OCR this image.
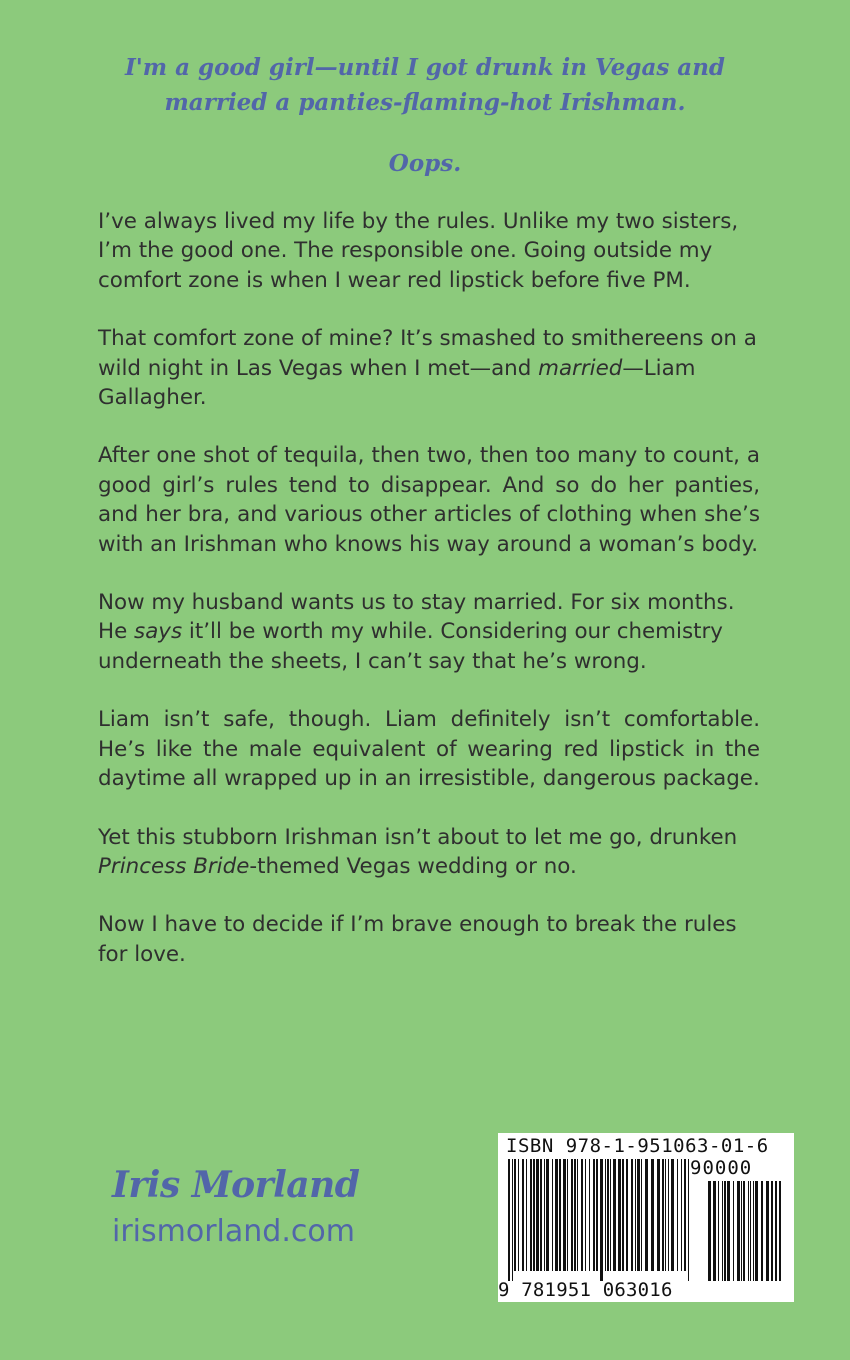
I'm a good girl—until I got drunk in Vegas and married a panties-flaming-hot Irishman.

Oops.

I’ve always lived my life by the rules. Unlike my two sisters, I’m the good one. The responsible one. Going outside my comfort zone is when I wear red lipstick before five PM.

That comfort zone of mine? It’s smashed to smithereens on a wild night in Las Vegas when I met—and married—Liam Gallagher.

After one shot of tequila, then two, then too many to count, a good girl’s rules tend to disappear. And so do her panties, and her bra, and various other articles of clothing when she’s with an Irishman who knows his way around a woman’s body.

Now my husband wants us to stay married. For six months. He says it’ll be worth my while. Considering our chemistry underneath the sheets, I can’t say that he’s wrong.

Liam isn’t safe, though. Liam definitely isn’t comfortable. He’s like the male equivalent of wearing red lipstick in the daytime all wrapped up in an irresistible, dangerous package.

Yet this stubborn Irishman isn’t about to let me go, drunken Princess Bride-themed Vegas wedding or no.

Now I have to decide if I’m brave enough to break the rules for love.

Iris Morland
irismorland.com
ISBN 978-1-951063-01-6
90000
9 781951 063016
